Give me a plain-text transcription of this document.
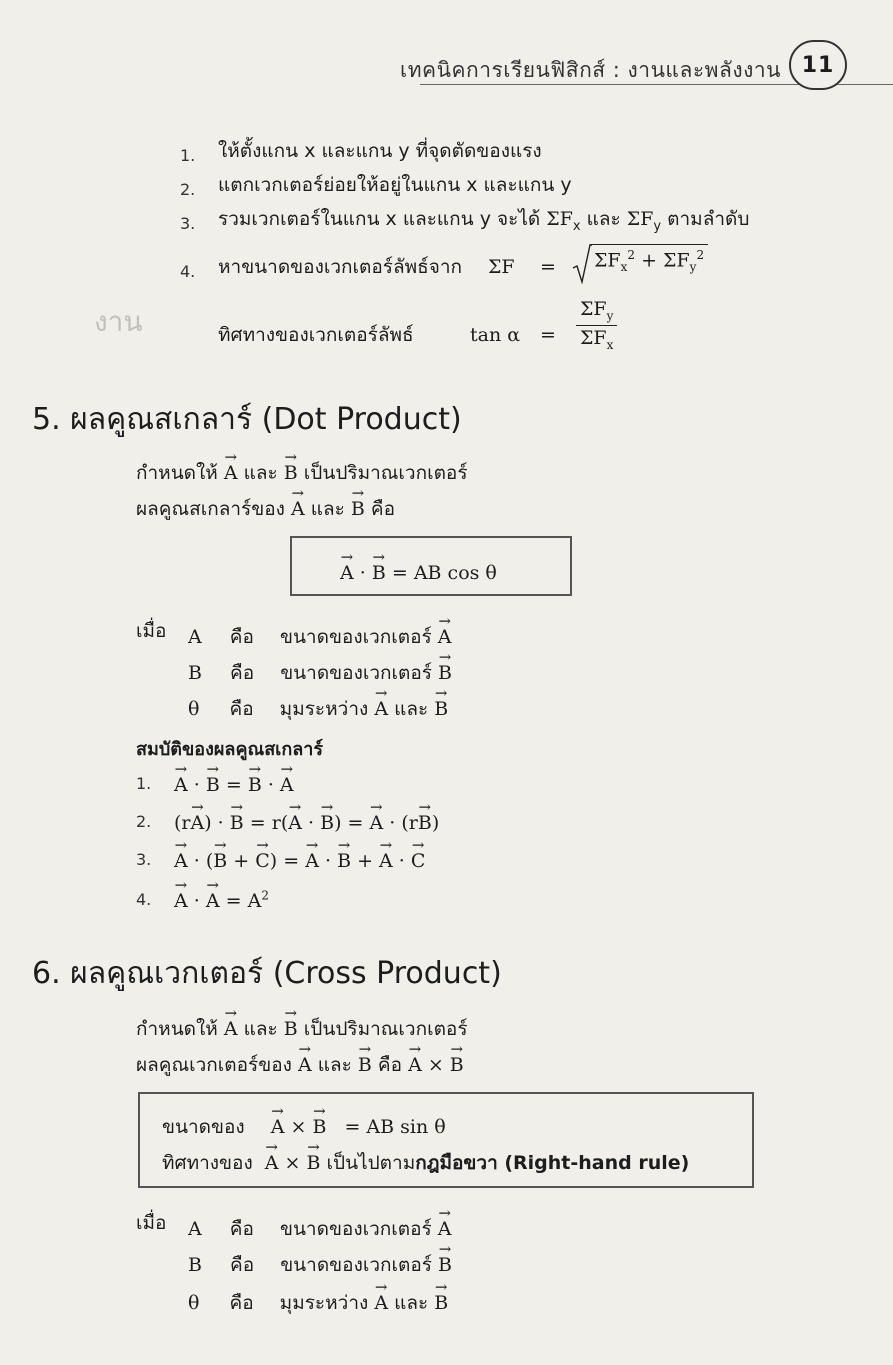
งาน
เทคนิคการเรียนฟิสิกส์ : งานและพลังงาน 11
1. ให้ตั้งแกน x และแกน y ที่จุดตัดของแรง
2. แตกเวกเตอร์ย่อยให้อยู่ในแกน x และแกน y
3. รวมเวกเตอร์ในแกน x และแกน y จะได้ $\Sigma F_x$ และ $\Sigma F_y$ ตามลำดับ
4. หาขนาดของเวกเตอร์ลัพธ์จาก ΣF =	$\Sigma F_x^2 + \Sigma F_y^2$
ทิศทางของเวกเตอร์ลัพธ์	$\tan \alpha = \frac{\Sigma F_y}{\Sigma F_x}$
5. ผลคูณสเกลาร์ (Dot Product)
กำหนดให้ → A และ → B เป็นปริมาณเวกเตอร์
ผลคูณสเกลาร์ของ → A และ → B คือ
→ A · → B = AB cos θ
เมื่อ A คือ ขนาดของเวกเตอร์ → A
B คือ ขนาดของเวกเตอร์ → B
θ คือ มุมระหว่าง → A และ → B
สมบัติของผลคูณสเกลาร์
1. → A · → B = → B · → A
2. (r→ A) · → B = r(→ A · → B) = → A · (r→ B)
3. → A · (→ B + → C) = → A · → B + → A · → C
4. → A · → $A = A^2$
6. ผลคูณเวกเตอร์ (Cross Product)
กำหนดให้ → A และ → B เป็นปริมาณเวกเตอร์
ผลคูณเวกเตอร์ของ → A และ → B คือ → A × → B
ขนาดของ → A × → B = AB sin θ
ทิศทางของ → A × → B เป็นไปตามกฎมือขวา (Right-hand rule)
เมื่อ A คือ ขนาดของเวกเตอร์ → A
B คือ ขนาดของเวกเตอร์ → B
θ คือ มุมระหว่าง → A และ → B
